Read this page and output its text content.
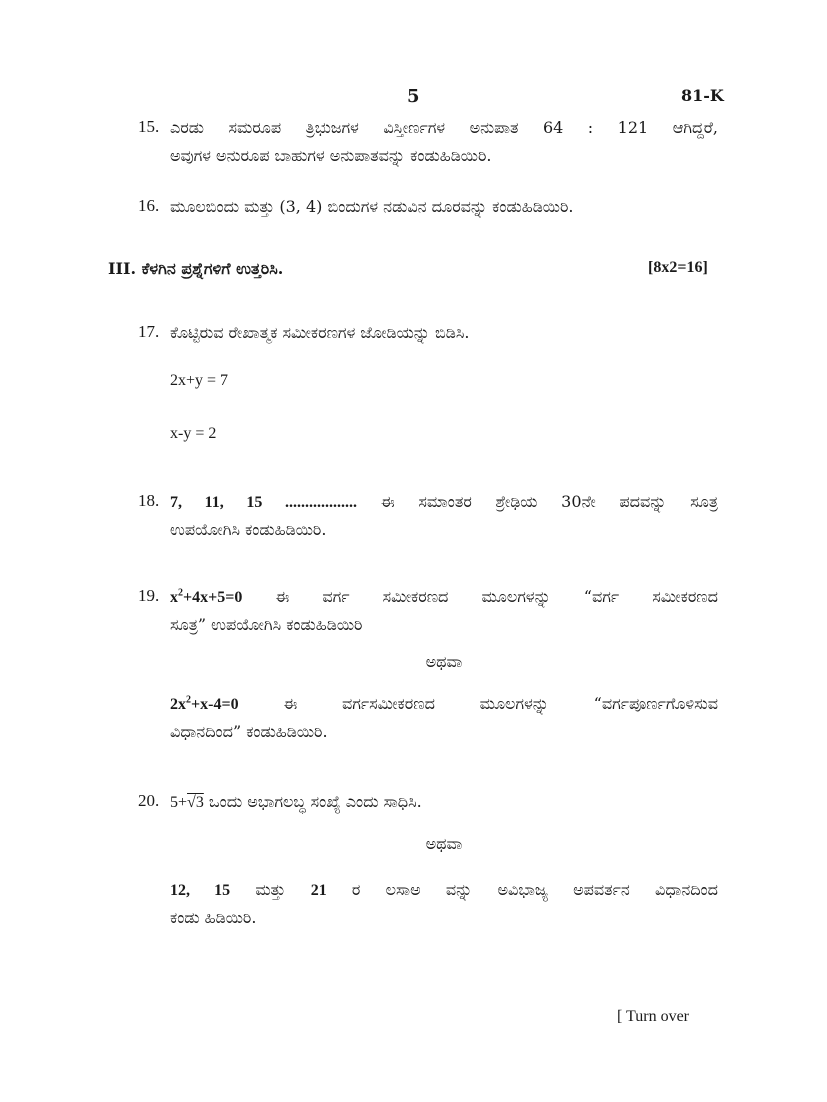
5	81-K
15. ಎರಡು ಸಮರೂಪ ತ್ರಿಭುಜಗಳ ವಿಸ್ತೀರ್ಣಗಳ ಅನುಪಾತ 64 : 121 ಆಗಿದ್ದರೆ,
ಅವುಗಳ ಅನುರೂಪ ಬಾಹುಗಳ ಅನುಪಾತವನ್ನು ಕಂಡುಹಿಡಿಯಿರಿ.
16. ಮೂಲಬಿಂದು ಮತ್ತು (3, 4) ಬಿಂದುಗಳ ನಡುವಿನ ದೂರವನ್ನು ಕಂಡುಹಿಡಿಯಿರಿ.
III. ಕೆಳಗಿನ ಪ್ರಶ್ನೆಗಳಿಗೆ ಉತ್ತರಿಸಿ.	[8x2=16]
17. ಕೊಟ್ಟಿರುವ ರೇಖಾತ್ಮಕ ಸಮೀಕರಣಗಳ ಜೋಡಿಯನ್ನು ಬಿಡಿಸಿ.
2x+y = 7
x-y = 2
18. 7, 11, 15 .................. ಈ ಸಮಾಂತರ ಶ್ರೇಢಿಯ 30ನೇ ಪದವನ್ನು ಸೂತ್ರ
ಉಪಯೋಗಿಸಿ ಕಂಡುಹಿಡಿಯಿರಿ.
19. $x^2+4x+5=0$ ಈ ವರ್ಗ ಸಮೀಕರಣದ ಮೂಲಗಳನ್ನು “ವರ್ಗ ಸಮೀಕರಣದ
ಸೂತ್ರ” ಉಪಯೋಗಿಸಿ ಕಂಡುಹಿಡಿಯಿರಿ
ಅಥವಾ
$2x^2+x-4=0$	ಈ ವರ್ಗಸಮೀಕರಣದ ಮೂಲಗಳನ್ನು “ವರ್ಗಪೂರ್ಣಗೊಳಿಸುವ
ವಿಧಾನದಿಂದ” ಕಂಡುಹಿಡಿಯಿರಿ.
20. 5+√3 ಒಂದು ಅಭಾಗಲಬ್ಧ ಸಂಖ್ಯೆ ಎಂದು ಸಾಧಿಸಿ.
ಅಥವಾ
12, 15 ಮತ್ತು 21 ರ ಲಸಾಅ ವನ್ನು ಅವಿಭಾಜ್ಯ ಅಪವರ್ತನ ವಿಧಾನದಿಂದ
ಕಂಡು ಹಿಡಿಯಿರಿ.
[ Turn over
